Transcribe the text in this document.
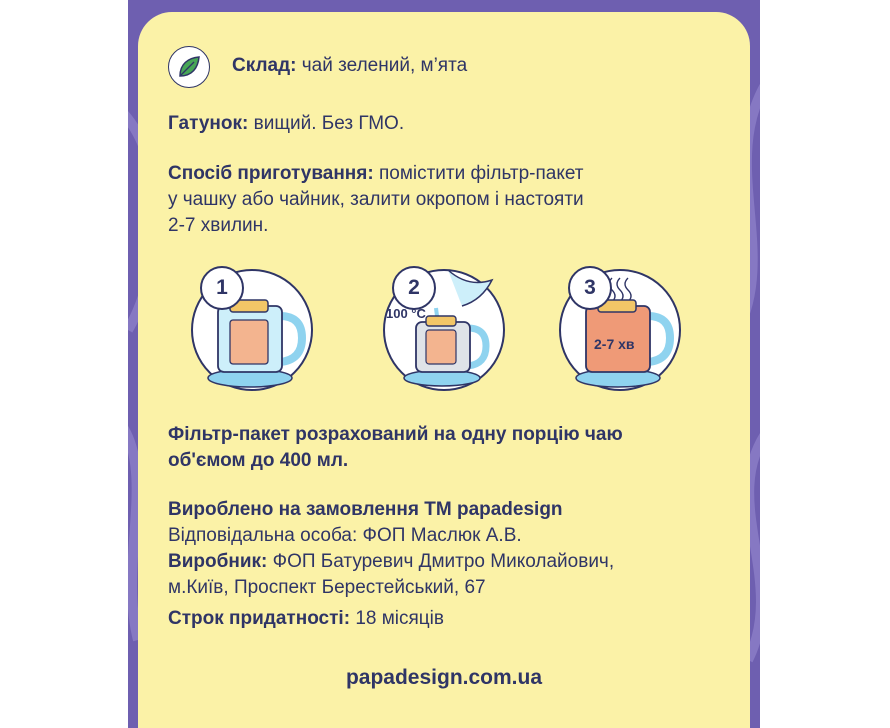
Склад: чай зелений, м’ята
Гатунок: вищий. Без ГМО.
Спосіб приготування: помістити фільтр-пакет
у чашку або чайник, залити окропом і настояти
2-7 хвилин.
1	2
100 °C
3
2-7 хв
Фільтр-пакет розрахований на одну порцію чаю
об'ємом до 400 мл.
Вироблено на замовлення ТМ papadesign
Відповідальна особа: ФОП Маслюк А.В.
Виробник: ФОП Батуревич Дмитро Миколайович,
м.Київ, Проспект Берестейський, 67
Строк придатності: 18 місяців
papadesign.com.ua
